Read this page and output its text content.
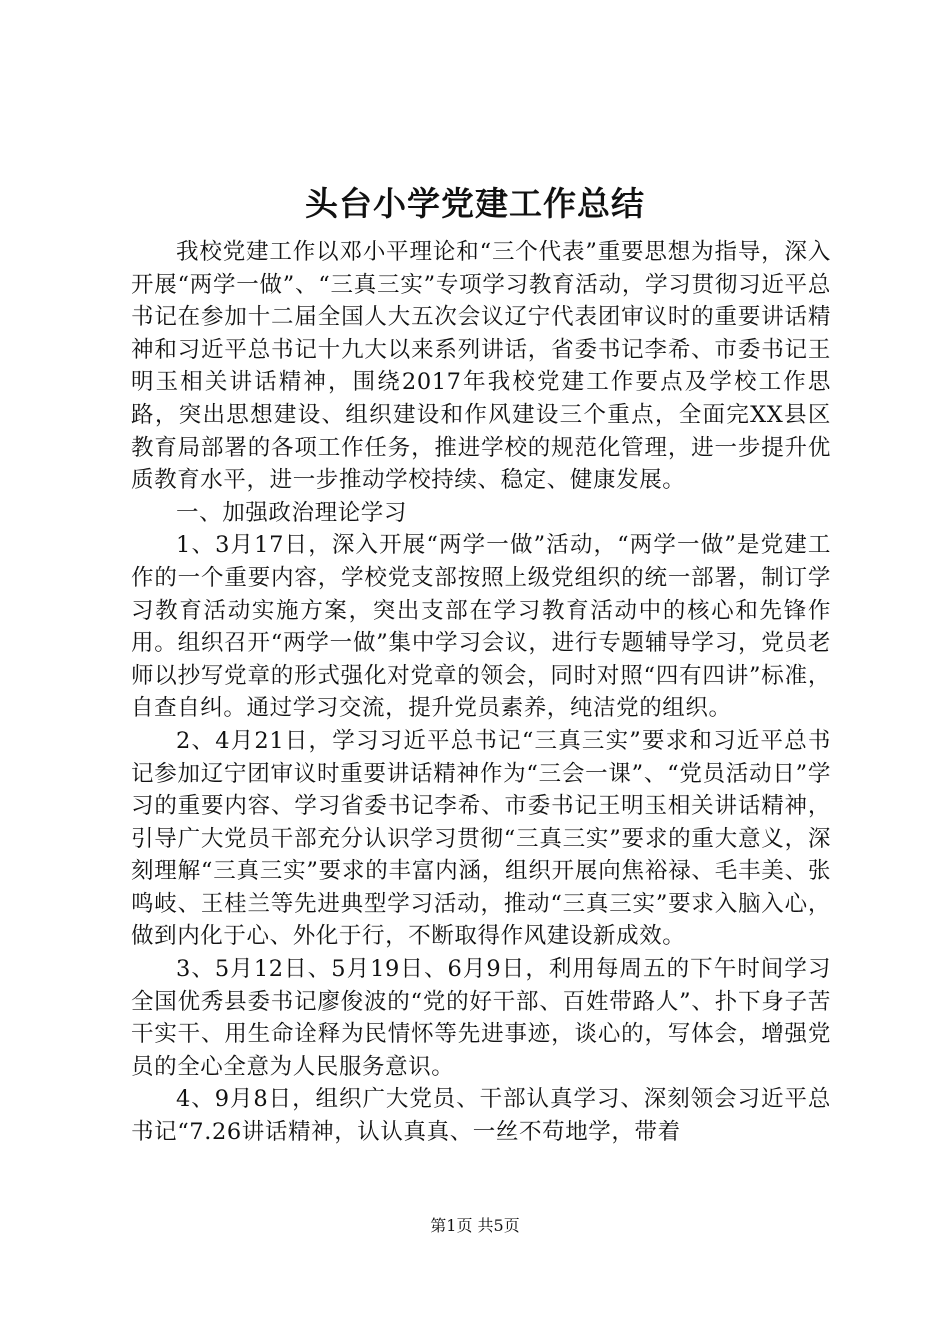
头台小学党建工作总结

我校党建工作以邓小平理论和“三个代表”重要思想为指导，深入开展“两学一做”、“三真三实”专项学习教育活动，学习贯彻习近平总书记在参加十二届全国人大五次会议辽宁代表团审议时的重要讲话精神和习近平总书记十九大以来系列讲话，省委书记李希、市委书记王明玉相关讲话精神，围绕2017年我校党建工作要点及学校工作思路，突出思想建设、组织建设和作风建设三个重点，全面完XX县区教育局部署的各项工作任务，推进学校的规范化管理，进一步提升优质教育水平，进一步推动学校持续、稳定、健康发展。

一、加强政治理论学习

1、3月17日，深入开展“两学一做”活动，“两学一做”是党建工作的一个重要内容，学校党支部按照上级党组织的统一部署，制订学习教育活动实施方案，突出支部在学习教育活动中的核心和先锋作用。组织召开“两学一做”集中学习会议，进行专题辅导学习，党员老师以抄写党章的形式强化对党章的领会，同时对照“四有四讲”标准，自查自纠。通过学习交流，提升党员素养，纯洁党的组织。

2、4月21日，学习习近平总书记“三真三实”要求和习近平总书记参加辽宁团审议时重要讲话精神作为“三会一课”、“党员活动日”学习的重要内容、学习省委书记李希、市委书记王明玉相关讲话精神，引导广大党员干部充分认识学习贯彻“三真三实”要求的重大意义，深刻理解“三真三实”要求的丰富内涵，组织开展向焦裕禄、毛丰美、张鸣岐、王桂兰等先进典型学习活动，推动“三真三实”要求入脑入心，做到内化于心、外化于行，不断取得作风建设新成效。

3、5月12日、5月19日、6月9日，利用每周五的下午时间学习全国优秀县委书记廖俊波的“党的好干部、百姓带路人”、扑下身子苦干实干、用生命诠释为民情怀等先进事迹，谈心的，写体会，增强党员的全心全意为人民服务意识。

4、9月8日，组织广大党员、干部认真学习、深刻领会习近平总书记“7.26讲话精神，认认真真、一丝不苟地学，带着

第1页 共5页
